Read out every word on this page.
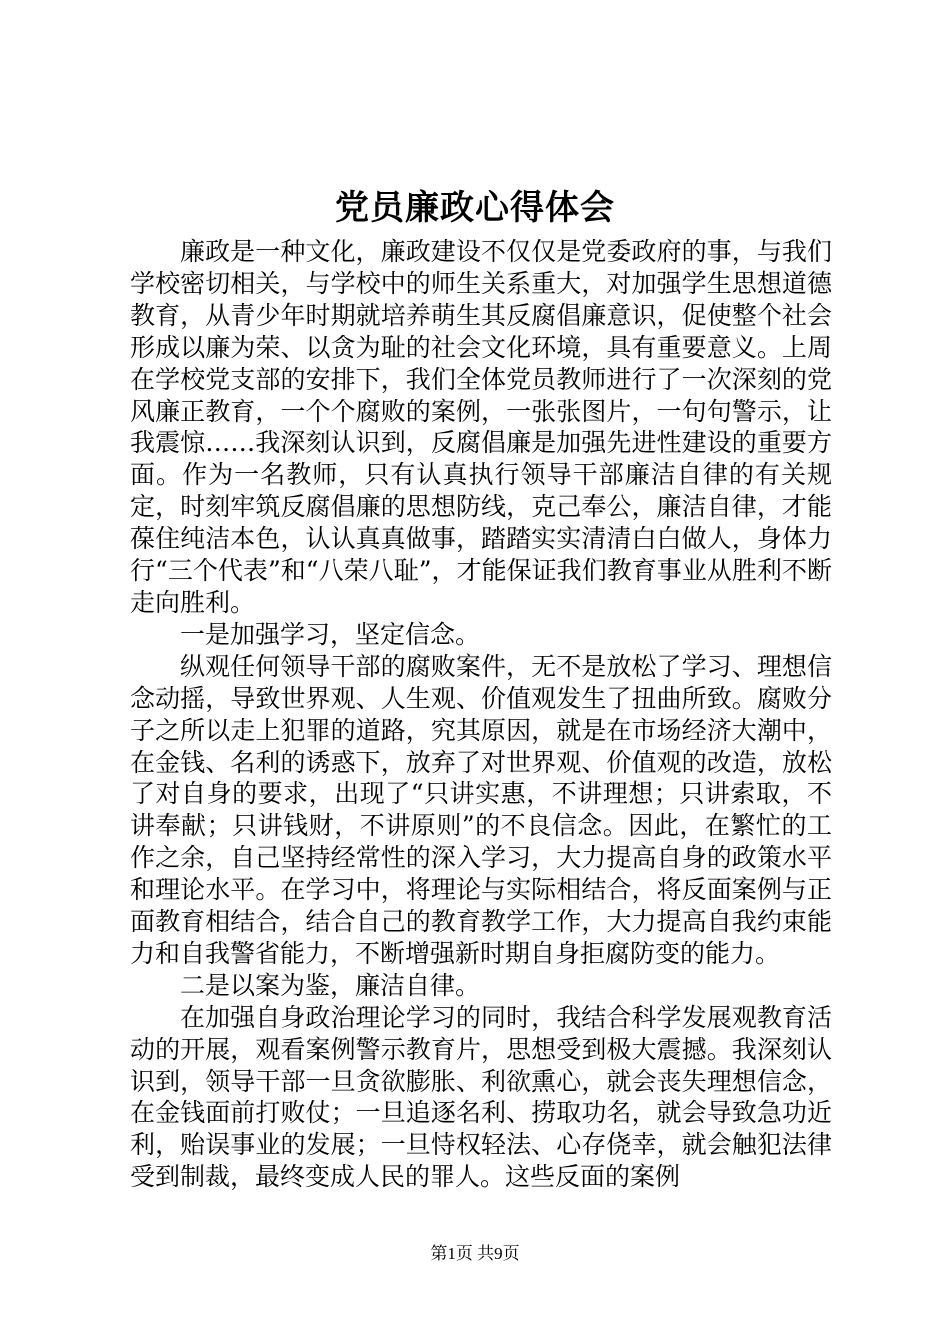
党员廉政心得体会

廉政是一种文化，廉政建设不仅仅是党委政府的事，与我们学校密切相关，与学校中的师生关系重大，对加强学生思想道德教育，从青少年时期就培养萌生其反腐倡廉意识，促使整个社会形成以廉为荣、以贪为耻的社会文化环境，具有重要意义。上周在学校党支部的安排下，我们全体党员教师进行了一次深刻的党风廉正教育，一个个腐败的案例，一张张图片，一句句警示，让我震惊……我深刻认识到，反腐倡廉是加强先进性建设的重要方面。作为一名教师，只有认真执行领导干部廉洁自律的有关规定，时刻牢筑反腐倡廉的思想防线，克己奉公，廉洁自律，才能葆住纯洁本色，认认真真做事，踏踏实实清清白白做人，身体力行“三个代表”和“八荣八耻”，才能保证我们教育事业从胜利不断走向胜利。

一是加强学习，坚定信念。

纵观任何领导干部的腐败案件，无不是放松了学习、理想信念动摇，导致世界观、人生观、价值观发生了扭曲所致。腐败分子之所以走上犯罪的道路，究其原因，就是在市场经济大潮中，在金钱、名利的诱惑下，放弃了对世界观、价值观的改造，放松了对自身的要求，出现了“只讲实惠，不讲理想；只讲索取，不讲奉献；只讲钱财，不讲原则”的不良信念。因此，在繁忙的工作之余，自己坚持经常性的深入学习，大力提高自身的政策水平和理论水平。在学习中，将理论与实际相结合，将反面案例与正面教育相结合，结合自己的教育教学工作，大力提高自我约束能力和自我警省能力，不断增强新时期自身拒腐防变的能力。

二是以案为鉴，廉洁自律。

在加强自身政治理论学习的同时，我结合科学发展观教育活动的开展，观看案例警示教育片，思想受到极大震撼。我深刻认识到，领导干部一旦贪欲膨胀、利欲熏心，就会丧失理想信念，在金钱面前打败仗；一旦追逐名利、捞取功名，就会导致急功近利，贻误事业的发展；一旦恃权轻法、心存侥幸，就会触犯法律受到制裁，最终变成人民的罪人。这些反面的案例

第1页 共9页
